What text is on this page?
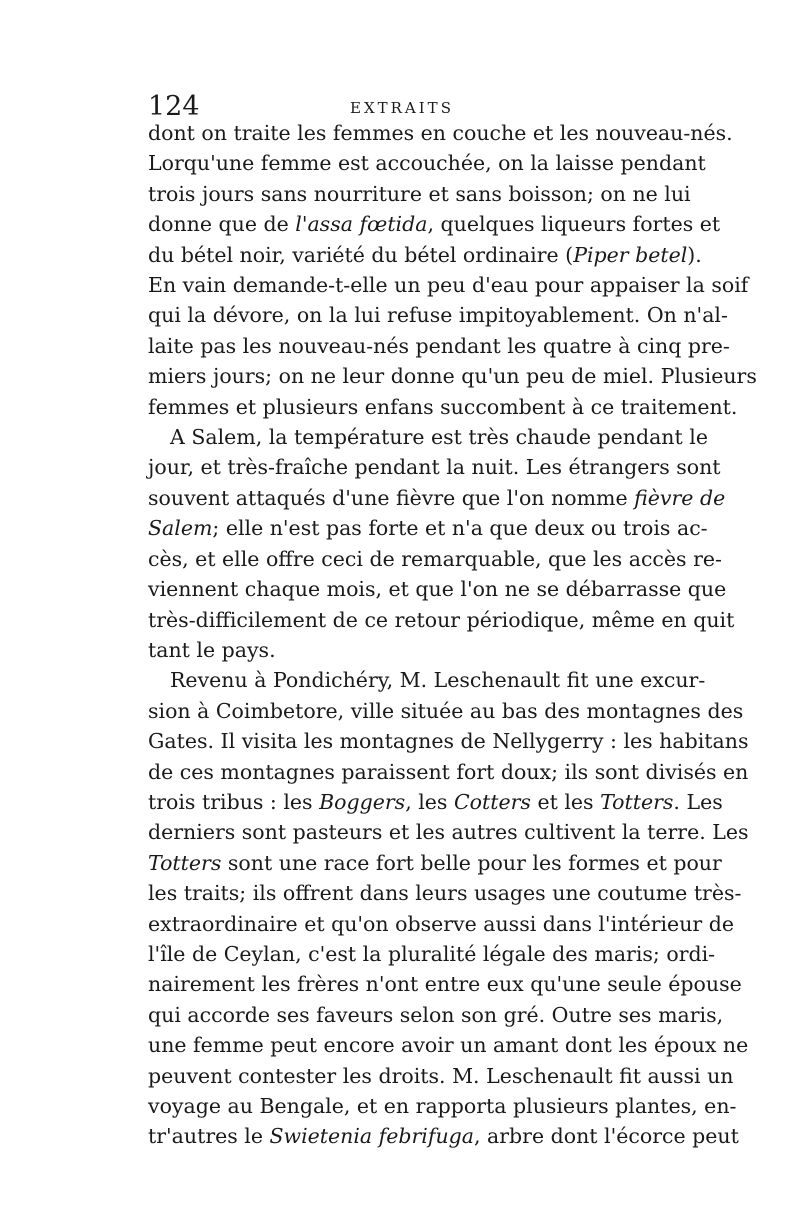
124	EXTRAITS
dont on traite les femmes en couche et les nouveau-nés.
Lorqu'une femme est accouchée, on la laisse pendant
trois jours sans nourriture et sans boisson; on ne lui
donne que de l'assa fœtida, quelques liqueurs fortes et
du bétel noir, variété du bétel ordinaire (Piper betel).
En vain demande-t-elle un peu d'eau pour appaiser la soif
qui la dévore, on la lui refuse impitoyablement. On n'al-
laite pas les nouveau-nés pendant les quatre à cinq pre-
miers jours; on ne leur donne qu'un peu de miel. Plusieurs
femmes et plusieurs enfans succombent à ce traitement.
A Salem, la température est très chaude pendant le
jour, et très-fraîche pendant la nuit. Les étrangers sont
souvent attaqués d'une fièvre que l'on nomme fièvre de
Salem; elle n'est pas forte et n'a que deux ou trois ac-
cès, et elle offre ceci de remarquable, que les accès re-
viennent chaque mois, et que l'on ne se débarrasse que
très-difficilement de ce retour périodique, même en quit
tant le pays.
Revenu à Pondichéry, M. Leschenault fit une excur-
sion à Coimbetore, ville située au bas des montagnes des
Gates. Il visita les montagnes de Nellygerry : les habitans
de ces montagnes paraissent fort doux; ils sont divisés en
trois tribus : les Boggers, les Cotters et les Totters. Les
derniers sont pasteurs et les autres cultivent la terre. Les
Totters sont une race fort belle pour les formes et pour
les traits; ils offrent dans leurs usages une coutume très-
extraordinaire et qu'on observe aussi dans l'intérieur de
l'île de Ceylan, c'est la pluralité légale des maris; ordi-
nairement les frères n'ont entre eux qu'une seule épouse
qui accorde ses faveurs selon son gré. Outre ses maris,
une femme peut encore avoir un amant dont les époux ne
peuvent contester les droits. M. Leschenault fit aussi un
voyage au Bengale, et en rapporta plusieurs plantes, en-
tr'autres le Swietenia febrifuga, arbre dont l'écorce peut
